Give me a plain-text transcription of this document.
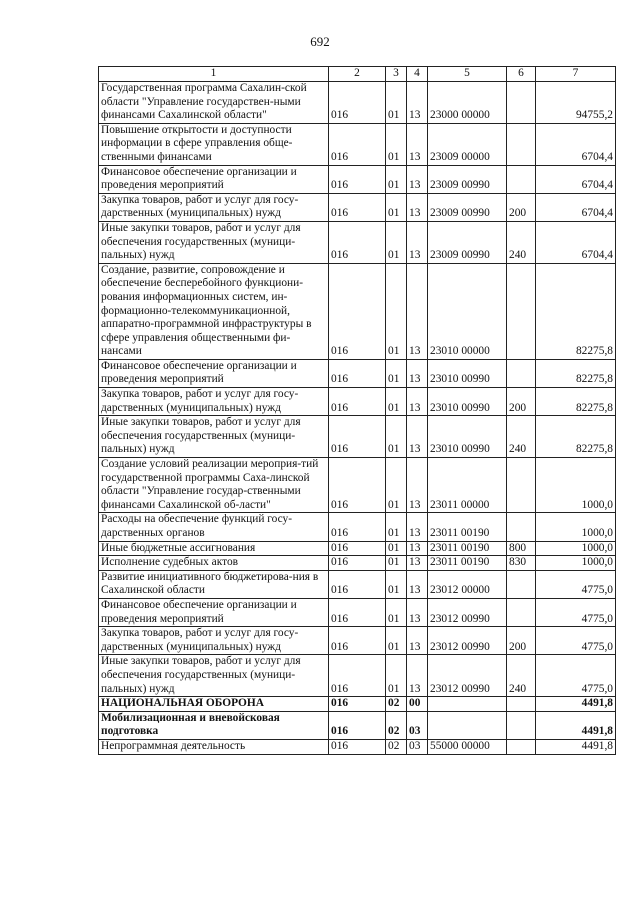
692
1	2	3	4	5	6	7
Государственная программа Сахалин-ской области "Управление государствен-ными финансами Сахалинской области"	016	01	13	23000 00000		94755,2
Повышение открытости и доступности информации в сфере управления обще-ственными финансами	016	01	13	23009 00000		6704,4
Финансовое обеспечение организации и проведения мероприятий	016	01	13	23009 00990		6704,4
Закупка товаров, работ и услуг для госу-дарственных (муниципальных) нужд	016	01	13	23009 00990	200	6704,4
Иные закупки товаров, работ и услуг для обеспечения государственных (муници-пальных) нужд	016	01	13	23009 00990	240	6704,4
Создание, развитие, сопровождение и обеспечение бесперебойного функциони-рования информационных систем, ин-формационно-телекоммуникационной, аппаратно-программной инфраструктуры в сфере управления общественными фи-нансами	016	01	13	23010 00000		82275,8
Финансовое обеспечение организации и проведения мероприятий	016	01	13	23010 00990		82275,8
Закупка товаров, работ и услуг для госу-дарственных (муниципальных) нужд	016	01	13	23010 00990	200	82275,8
Иные закупки товаров, работ и услуг для обеспечения государственных (муници-пальных) нужд	016	01	13	23010 00990	240	82275,8
Создание условий реализации мероприя-тий государственной программы Саха-линской области "Управление государ-ственными финансами Сахалинской об-ласти"	016	01	13	23011 00000		1000,0
Расходы на обеспечение функций госу-дарственных органов	016	01	13	23011 00190		1000,0
Иные бюджетные ассигнования	016	01	13	23011 00190	800	1000,0
Исполнение судебных актов	016	01	13	23011 00190	830	1000,0
Развитие инициативного бюджетирова-ния в Сахалинской области	016	01	13	23012 00000		4775,0
Финансовое обеспечение организации и проведения мероприятий	016	01	13	23012 00990		4775,0
Закупка товаров, работ и услуг для госу-дарственных (муниципальных) нужд	016	01	13	23012 00990	200	4775,0
Иные закупки товаров, работ и услуг для обеспечения государственных (муници-пальных) нужд	016	01	13	23012 00990	240	4775,0
НАЦИОНАЛЬНАЯ ОБОРОНА	016	02	00			4491,8
Мобилизационная и вневойсковая подготовка	016	02	03			4491,8
Непрограммная деятельность	016	02	03	55000 00000		4491,8
